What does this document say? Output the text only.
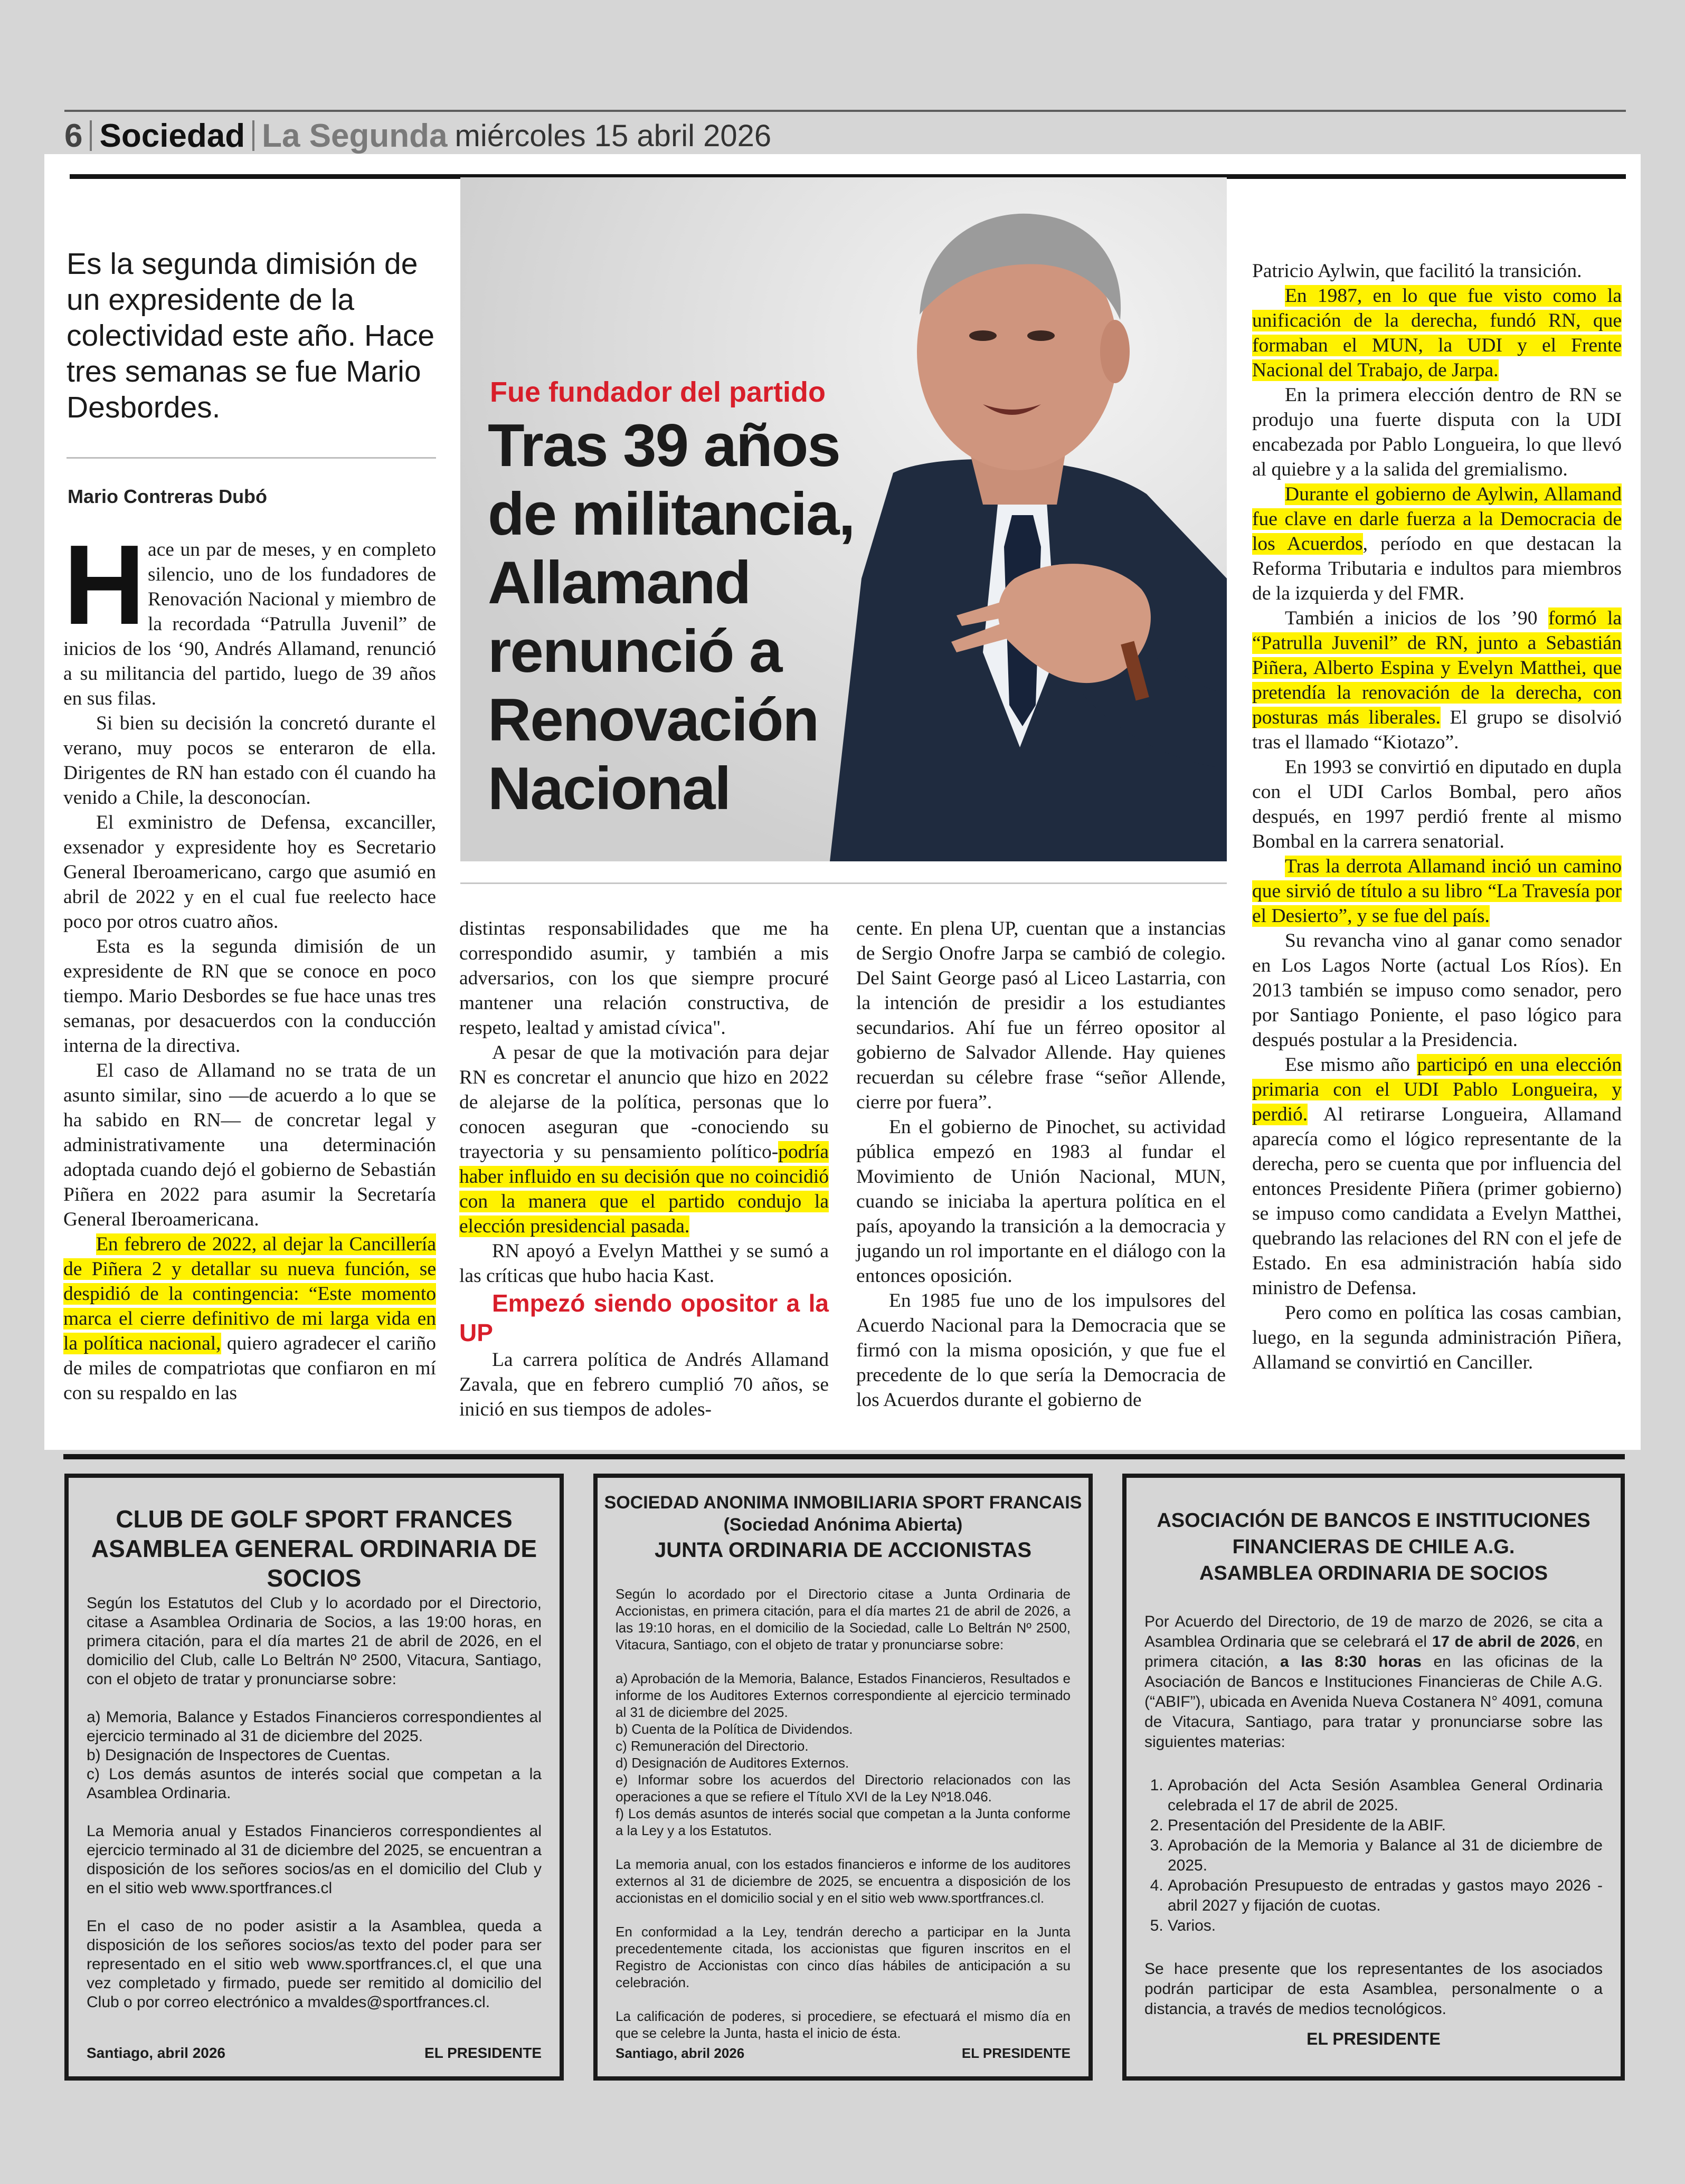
6 Sociedad La Segunda miércoles 15 abril 2026
Es la segunda dimisión de un expresidente de la colectividad este año. Hace tres semanas se fue Mario Desbordes.
Mario Contreras Dubó
Fue fundador del partido
Tras 39 años de militancia, Allamand renunció a Renovación Nacional

Hace un par de meses, y en completo silencio, uno de los fundadores de Renovación Nacional y miembro de la recordada “Patrulla Juvenil” de inicios de los ‘90, Andrés Allamand, renunció a su militancia del partido, luego de 39 años en sus filas.

Si bien su decisión la concretó durante el verano, muy pocos se enteraron de ella. Dirigentes de RN han estado con él cuando ha venido a Chile, la desconocían.

El exministro de Defensa, excanciller, exsenador y expresidente hoy es Secretario General Iberoamericano, cargo que asumió en abril de 2022 y en el cual fue reelecto hace poco por otros cuatro años.

Esta es la segunda dimisión de un expresidente de RN que se conoce en poco tiempo. Mario Desbordes se fue hace unas tres semanas, por desacuerdos con la conducción interna de la directiva.

El caso de Allamand no se trata de un asunto similar, sino —de acuerdo a lo que se ha sabido en RN— de concretar legal y administrativamente una determinación adoptada cuando dejó el gobierno de Sebastián Piñera en 2022 para asumir la Secretaría General Iberoamericana.

En febrero de 2022, al dejar la Cancillería de Piñera 2 y detallar su nueva función, se despidió de la contingencia: “Este momento marca el cierre definitivo de mi larga vida en la política nacional, quiero agradecer el cariño de miles de compatriotas que confiaron en mí con su respaldo en las

distintas responsabilidades que me ha correspondido asumir, y también a mis adversarios, con los que siempre procuré mantener una relación constructiva, de respeto, lealtad y amistad cívica".

A pesar de que la motivación para dejar RN es concretar el anuncio que hizo en 2022 de alejarse de la política, personas que lo conocen aseguran que -conociendo su trayectoria y su pensamiento político-podría haber influido en su decisión que no coincidió con la manera que el partido condujo la elección presidencial pasada.

RN apoyó a Evelyn Matthei y se sumó a las críticas que hubo hacia Kast.

Empezó siendo opositor a la UP

La carrera política de Andrés Allamand Zavala, que en febrero cumplió 70 años, se inició en sus tiempos de adoles-

cente. En plena UP, cuentan que a instancias de Sergio Onofre Jarpa se cambió de colegio. Del Saint George pasó al Liceo Lastarria, con la intención de presidir a los estudiantes secundarios. Ahí fue un férreo opositor al gobierno de Salvador Allende. Hay quienes recuerdan su célebre frase “señor Allende, cierre por fuera”.

En el gobierno de Pinochet, su actividad pública empezó en 1983 al fundar el Movimiento de Unión Nacional, MUN, cuando se iniciaba la apertura política en el país, apoyando la transición a la democracia y jugando un rol importante en el diálogo con la entonces oposición.

En 1985 fue uno de los impulsores del Acuerdo Nacional para la Democracia que se firmó con la misma oposición, y que fue el precedente de lo que sería la Democracia de los Acuerdos durante el gobierno de

Patricio Aylwin, que facilitó la transición.

En 1987, en lo que fue visto como la unificación de la derecha, fundó RN, que formaban el MUN, la UDI y el Frente Nacional del Trabajo, de Jarpa.

En la primera elección dentro de RN se produjo una fuerte disputa con la UDI encabezada por Pablo Longueira, lo que llevó al quiebre y a la salida del gremialismo.

Durante el gobierno de Aylwin, Allamand fue clave en darle fuerza a la Democracia de los Acuerdos, período en que destacan la Reforma Tributaria e indultos para miembros de la izquierda y del FMR.

También a inicios de los ’90 formó la “Patrulla Juvenil” de RN, junto a Sebastián Piñera, Alberto Espina y Evelyn Matthei, que pretendía la renovación de la derecha, con posturas más liberales. El grupo se disolvió tras el llamado “Kiotazo”.

En 1993 se convirtió en diputado en dupla con el UDI Carlos Bombal, pero años después, en 1997 perdió frente al mismo Bombal en la carrera senatorial.

Tras la derrota Allamand inció un camino que sirvió de título a su libro “La Travesía por el Desierto”, y se fue del país.

Su revancha vino al ganar como senador en Los Lagos Norte (actual Los Ríos). En 2013 también se impuso como senador, pero por Santiago Poniente, el paso lógico para después postular a la Presidencia.

Ese mismo año participó en una elección primaria con el UDI Pablo Longueira, y perdió. Al retirarse Longueira, Allamand aparecía como el lógico representante de la derecha, pero se cuenta que por influencia del entonces Presidente Piñera (primer gobierno) se impuso como candidata a Evelyn Matthei, quebrando las relaciones del RN con el jefe de Estado. En esa administración había sido ministro de Defensa.

Pero como en política las cosas cambian, luego, en la segunda administración Piñera, Allamand se convirtió en Canciller.

CLUB DE GOLF SPORT FRANCES
ASAMBLEA GENERAL ORDINARIA DE SOCIOS

Según los Estatutos del Club y lo acordado por el Directorio, citase a Asamblea Ordinaria de Socios, a las 19:00 horas, en primera citación, para el día martes 21 de abril de 2026, en el domicilio del Club, calle Lo Beltrán Nº 2500, Vitacura, Santiago, con el objeto de tratar y pronunciarse sobre:

a) Memoria, Balance y Estados Financieros correspondientes al ejercicio terminado al 31 de diciembre del 2025.

b) Designación de Inspectores de Cuentas.

c) Los demás asuntos de interés social que competan a la Asamblea Ordinaria.

La Memoria anual y Estados Financieros correspondientes al ejercicio terminado al 31 de diciembre del 2025, se encuentran a disposición de los señores socios/as en el domicilio del Club y en el sitio web www.sportfrances.cl

En el caso de no poder asistir a la Asamblea, queda a disposición de los señores socios/as texto del poder para ser representado en el sitio web www.sportfrances.cl, el que una vez completado y firmado, puede ser remitido al domicilio del Club o por correo electrónico a mvaldes@sportfrances.cl.

Santiago, abril 2026	EL PRESIDENTE
SOCIEDAD ANONIMA INMOBILIARIA SPORT FRANCAIS
(Sociedad Anónima Abierta)
JUNTA ORDINARIA DE ACCIONISTAS

Según lo acordado por el Directorio citase a Junta Ordinaria de Accionistas, en primera citación, para el día martes 21 de abril de 2026, a las 19:10 horas, en el domicilio de la Sociedad, calle Lo Beltrán Nº 2500, Vitacura, Santiago, con el objeto de tratar y pronunciarse sobre:

a) Aprobación de la Memoria, Balance, Estados Financieros, Resultados e informe de los Auditores Externos correspondiente al ejercicio terminado al 31 de diciembre del 2025.

b) Cuenta de la Política de Dividendos.

c) Remuneración del Directorio.

d) Designación de Auditores Externos.

e) Informar sobre los acuerdos del Directorio relacionados con las operaciones a que se refiere el Título XVI de la Ley Nº18.046.

f) Los demás asuntos de interés social que competan a la Junta conforme a la Ley y a los Estatutos.

La memoria anual, con los estados financieros e informe de los auditores externos al 31 de diciembre de 2025, se encuentra a disposición de los accionistas en el domicilio social y en el sitio web www.sportfrances.cl.

En conformidad a la Ley, tendrán derecho a participar en la Junta precedentemente citada, los accionistas que figuren inscritos en el Registro de Accionistas con cinco días hábiles de anticipación a su celebración.

La calificación de poderes, si procediere, se efectuará el mismo día en que se celebre la Junta, hasta el inicio de ésta.

Santiago, abril 2026	EL PRESIDENTE
ASOCIACIÓN DE BANCOS E INSTITUCIONES
FINANCIERAS DE CHILE A.G.
ASAMBLEA ORDINARIA DE SOCIOS

Por Acuerdo del Directorio, de 19 de marzo de 2026, se cita a Asamblea Ordinaria que se celebrará el 17 de abril de 2026, en primera citación, a las 8:30 horas en las oficinas de la Asociación de Bancos e Instituciones Financieras de Chile A.G. (“ABIF”), ubicada en Avenida Nueva Costanera N° 4091, comuna de Vitacura, Santiago, para tratar y pronunciarse sobre las siguientes materias:

1. Aprobación del Acta Sesión Asamblea General Ordinaria celebrada el 17 de abril de 2025.
2. Presentación del Presidente de la ABIF.
3. Aprobación de la Memoria y Balance al 31 de diciembre de 2025.
4. Aprobación Presupuesto de entradas y gastos mayo 2026 - abril 2027 y fijación de cuotas.
5. Varios.

Se hace presente que los representantes de los asociados podrán participar de esta Asamblea, personalmente o a distancia, a través de medios tecnológicos.

EL PRESIDENTE
